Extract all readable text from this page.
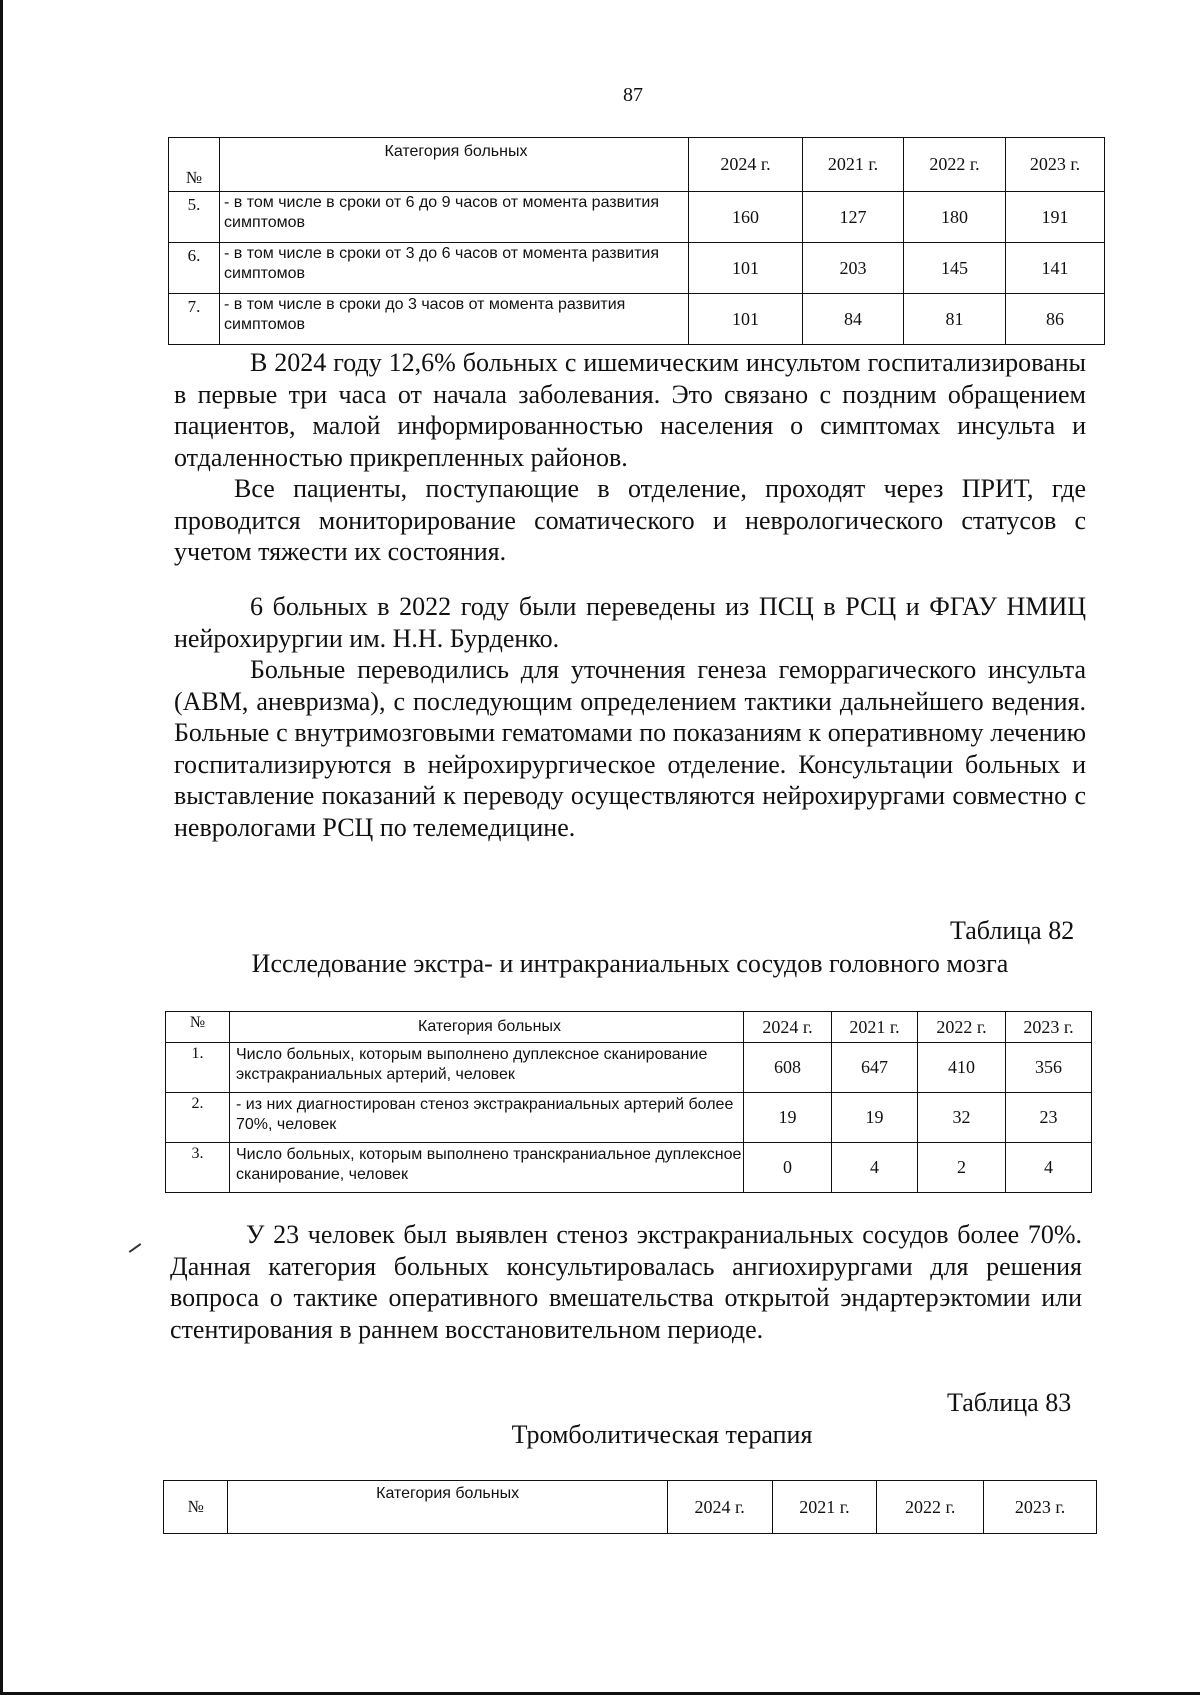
87
№	Категория больных	2024 г.	2021 г.	2022 г.	2023 г.
5.	- в том числе в сроки от 6 до 9 часов от момента развития симптомов	160	127	180	191
6.	- в том числе в сроки от 3 до 6 часов от момента развития симптомов	101	203	145	141
7.	- в том числе в сроки до 3 часов от момента развития симптомов	101	84	81	86

В 2024 году 12,6% больных с ишемическим инсультом госпитализированы в первые три часа от начала заболевания. Это связано с поздним обращением пациентов, малой информированностью населения о симптомах инсульта и отдаленностью прикрепленных районов.

Все пациенты, поступающие в отделение, проходят через ПРИТ, где проводится мониторирование соматического и неврологического статусов с учетом тяжести их состояния.

6 больных в 2022 году были переведены из ПСЦ в РСЦ и ФГАУ НМИЦ нейрохирургии им. Н.Н. Бурденко.

Больные переводились для уточнения генеза геморрагического инсульта (АВМ, аневризма), с последующим определением тактики дальнейшего ведения. Больные с внутримозговыми гематомами по показаниям к оперативному лечению госпитализируются в нейрохирургическое отделение. Консультации больных и выставление показаний к переводу осуществляются нейрохирургами совместно с неврологами РСЦ по телемедицине.

Таблица 82
Исследование экстра- и интракраниальных сосудов головного мозга
№	Категория больных	2024 г.	2021 г.	2022 г.	2023 г.
1.	Число больных, которым выполнено дуплексное сканирование экстракраниальных артерий, человек	608	647	410	356
2.	- из них диагностирован стеноз экстракраниальных артерий более 70%, человек	19	19	32	23
3.	Число больных, которым выполнено транскраниальное дуплексное сканирование, человек	0	4	2	4

У 23 человек был выявлен стеноз экстракраниальных сосудов более 70%. Данная категория больных консультировалась ангиохирургами для решения вопроса о тактике оперативного вмешательства открытой эндартерэктомии или стентирования в раннем восстановительном периоде.

Таблица 83
Тромболитическая терапия
№	Категория больных	2024 г.	2021 г.	2022 г.	2023 г.
